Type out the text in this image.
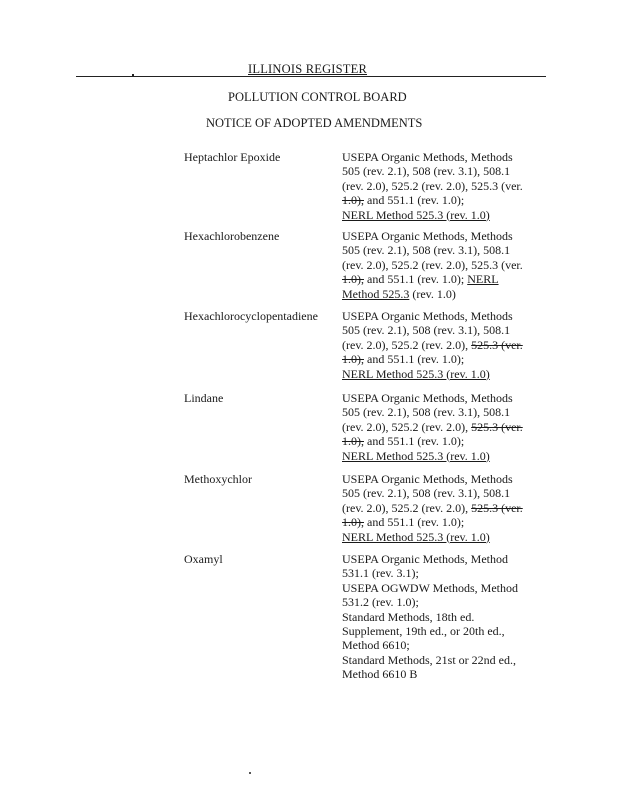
ILLINOIS REGISTER
POLLUTION CONTROL BOARD
NOTICE OF ADOPTED AMENDMENTS
Heptachlor Epoxide	USEPA Organic Methods, Methods
505 (rev. 2.1), 508 (rev. 3.1), 508.1
(rev. 2.0), 525.2 (rev. 2.0), 525.3 (ver.
1.0), and 551.1 (rev. 1.0);
NERL Method 525.3 (rev. 1.0)
Hexachlorobenzene	USEPA Organic Methods, Methods
505 (rev. 2.1), 508 (rev. 3.1), 508.1
(rev. 2.0), 525.2 (rev. 2.0), 525.3 (ver.
1.0), and 551.1 (rev. 1.0); NERL
Method 525.3 (rev. 1.0)
Hexachlorocyclopentadiene	USEPA Organic Methods, Methods
505 (rev. 2.1), 508 (rev. 3.1), 508.1
(rev. 2.0), 525.2 (rev. 2.0), 525.3 (ver.
1.0), and 551.1 (rev. 1.0);
NERL Method 525.3 (rev. 1.0)
Lindane	USEPA Organic Methods, Methods
505 (rev. 2.1), 508 (rev. 3.1), 508.1
(rev. 2.0), 525.2 (rev. 2.0), 525.3 (ver.
1.0), and 551.1 (rev. 1.0);
NERL Method 525.3 (rev. 1.0)
Methoxychlor	USEPA Organic Methods, Methods
505 (rev. 2.1), 508 (rev. 3.1), 508.1
(rev. 2.0), 525.2 (rev. 2.0), 525.3 (ver.
1.0), and 551.1 (rev. 1.0);
NERL Method 525.3 (rev. 1.0)
Oxamyl	USEPA Organic Methods, Method
531.1 (rev. 3.1);
USEPA OGWDW Methods, Method
531.2 (rev. 1.0);
Standard Methods, 18th ed.
Supplement, 19th ed., or 20th ed.,
Method 6610;
Standard Methods, 21st or 22nd ed.,
Method 6610 B
